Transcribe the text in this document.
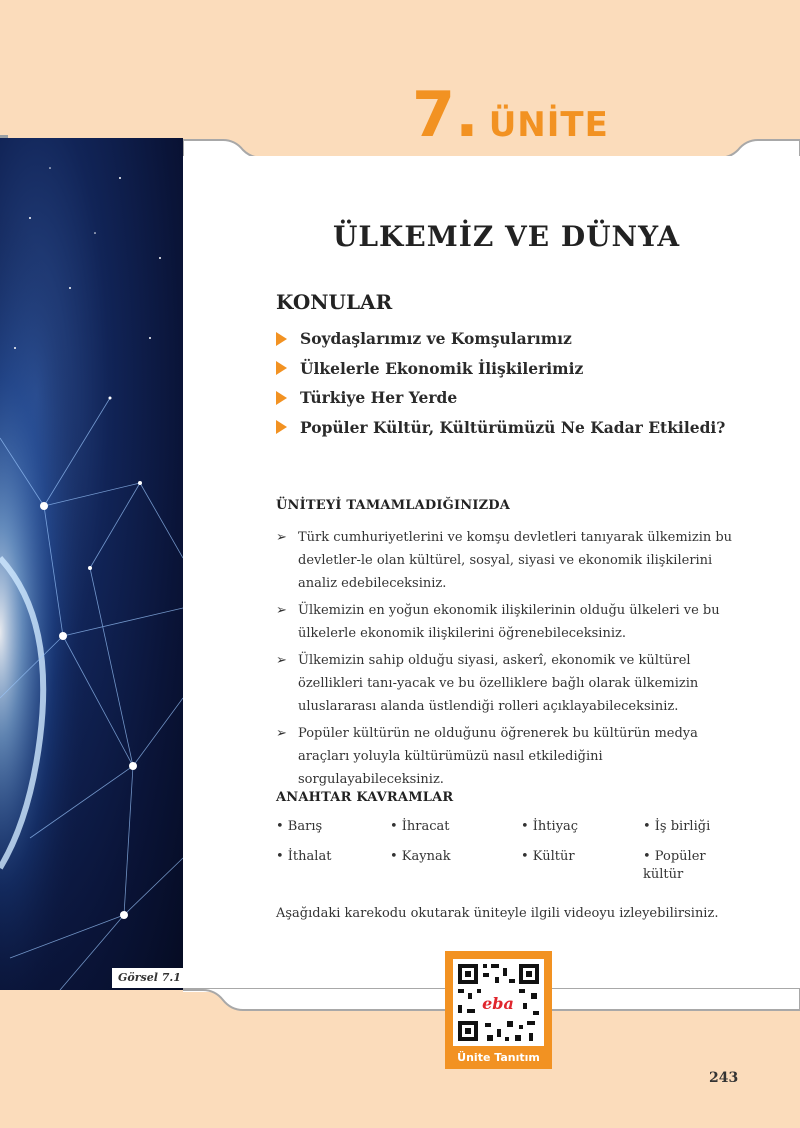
7. ÜNİTE
Görsel 7.1
ÜLKEMİZ VE DÜNYA
KONULAR
Soydaşlarımız ve Komşularımız
Ülkelerle Ekonomik İlişkilerimiz
Türkiye Her Yerde
Popüler Kültür, Kültürümüzü Ne Kadar Etkiledi?
ÜNİTEYİ TAMAMLADIĞINIZDA
➢ Türk cumhuriyetlerini ve komşu devletleri tanıyarak ülkemizin bu devletler-le olan kültürel, sosyal, siyasi ve ekonomik ilişkilerini analiz edebileceksiniz.
➢ Ülkemizin en yoğun ekonomik ilişkilerinin olduğu ülkeleri ve bu ülkelerle ekonomik ilişkilerini öğrenebileceksiniz.
➢ Ülkemizin sahip olduğu siyasi, askerî, ekonomik ve kültürel özellikleri tanı-yacak ve bu özelliklere bağlı olarak ülkemizin uluslararası alanda üstlendiği rolleri açıklayabileceksiniz.
➢ Popüler kültürün ne olduğunu öğrenerek bu kültürün medya araçları yoluyla kültürümüzü nasıl etkilediğini sorgulayabileceksiniz.
ANAHTAR KAVRAMLAR
• Barış	• İhracat	• İhtiyaç	• İş birliği
• İthalat	• Kaynak	• Kültür	• Popüler kültür
Aşağıdaki karekodu okutarak üniteyle ilgili videoyu izleyebilirsiniz.
eba
Ünite Tanıtım
243
